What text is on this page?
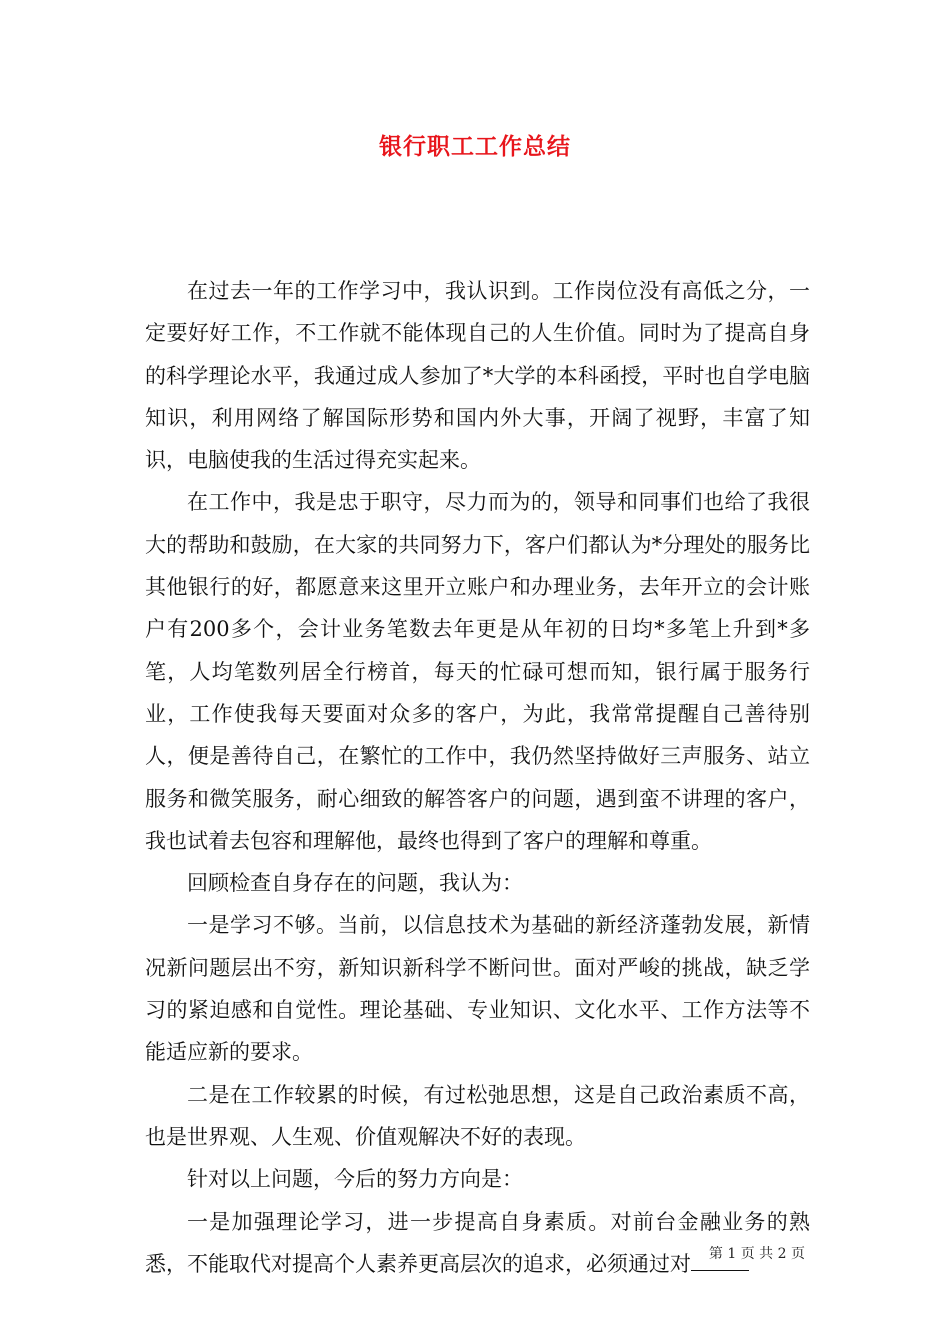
银行职工工作总结

在过去一年的工作学习中，我认识到。工作岗位没有高低之分，一定要好好工作，不工作就不能体现自己的人生价值。同时为了提高自身的科学理论水平，我通过成人参加了*大学的本科函授，平时也自学电脑知识，利用网络了解国际形势和国内外大事，开阔了视野，丰富了知识，电脑使我的生活过得充实起来。

在工作中，我是忠于职守，尽力而为的，领导和同事们也给了我很大的帮助和鼓励，在大家的共同努力下，客户们都认为*分理处的服务比其他银行的好，都愿意来这里开立账户和办理业务，去年开立的会计账户有200多个，会计业务笔数去年更是从年初的日均*多笔上升到*多笔，人均笔数列居全行榜首，每天的忙碌可想而知，银行属于服务行业，工作使我每天要面对众多的客户，为此，我常常提醒自己善待别人，便是善待自己，在繁忙的工作中，我仍然坚持做好三声服务、站立服务和微笑服务，耐心细致的解答客户的问题，遇到蛮不讲理的客户，我也试着去包容和理解他，最终也得到了客户的理解和尊重。

回顾检查自身存在的问题，我认为：

一是学习不够。当前，以信息技术为基础的新经济蓬勃发展，新情况新问题层出不穷，新知识新科学不断问世。面对严峻的挑战，缺乏学习的紧迫感和自觉性。理论基础、专业知识、文化水平、工作方法等不能适应新的要求。

二是在工作较累的时候，有过松弛思想，这是自己政治素质不高，也是世界观、人生观、价值观解决不好的表现。

针对以上问题，今后的努力方向是：

一是加强理论学习，进一步提高自身素质。对前台金融业务的熟悉，不能取代对提高个人素养更高层次的追求，必须通过对	第 1 页 共 2 页
